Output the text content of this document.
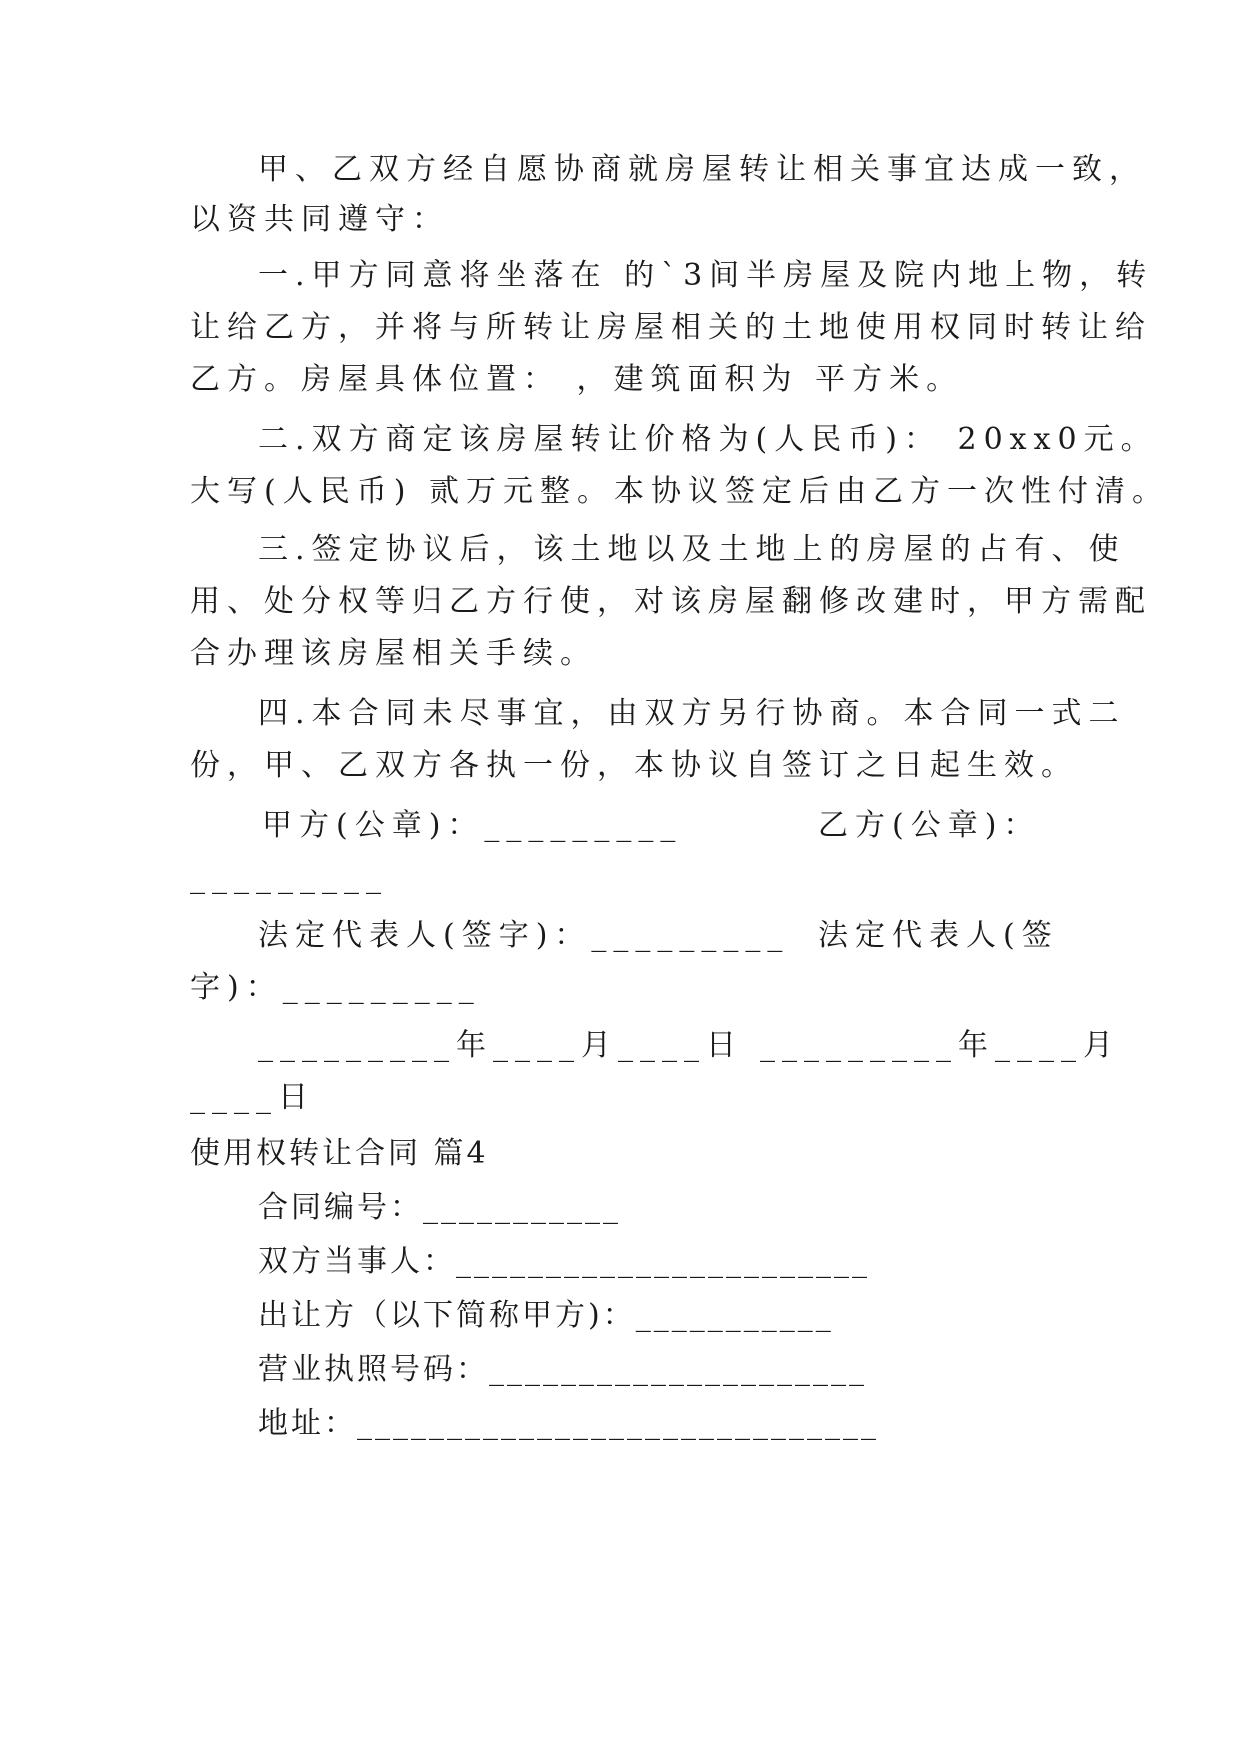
甲、乙双方经自愿协商就房屋转让相关事宜达成一致，
以资共同遵守：
一.甲方同意将坐落在 的`3间半房屋及院内地上物，转
让给乙方，并将与所转让房屋相关的土地使用权同时转让给
乙方。房屋具体位置： ，建筑面积为 平方米。
二.双方商定该房屋转让价格为(人民币)： 20xx0元。
大写(人民币) 贰万元整。本协议签定后由乙方一次性付清。
三.签定协议后，该土地以及土地上的房屋的占有、使
用、处分权等归乙方行使，对该房屋翻修改建时，甲方需配
合办理该房屋相关手续。
四.本合同未尽事宜，由双方另行协商。本合同一式二
份，甲、乙双方各执一份，本协议自签订之日起生效。
甲方(公章)：_________	乙方(公章)：
_________
法定代表人(签字)：_________ 法定代表人(签
字)：_________
_________年____月____日 _________年____月
____日
使用权转让合同 篇4
合同编号：___________
双方当事人：_______________________
出让方（以下简称甲方)：___________
营业执照号码：_____________________
地址：_____________________________
